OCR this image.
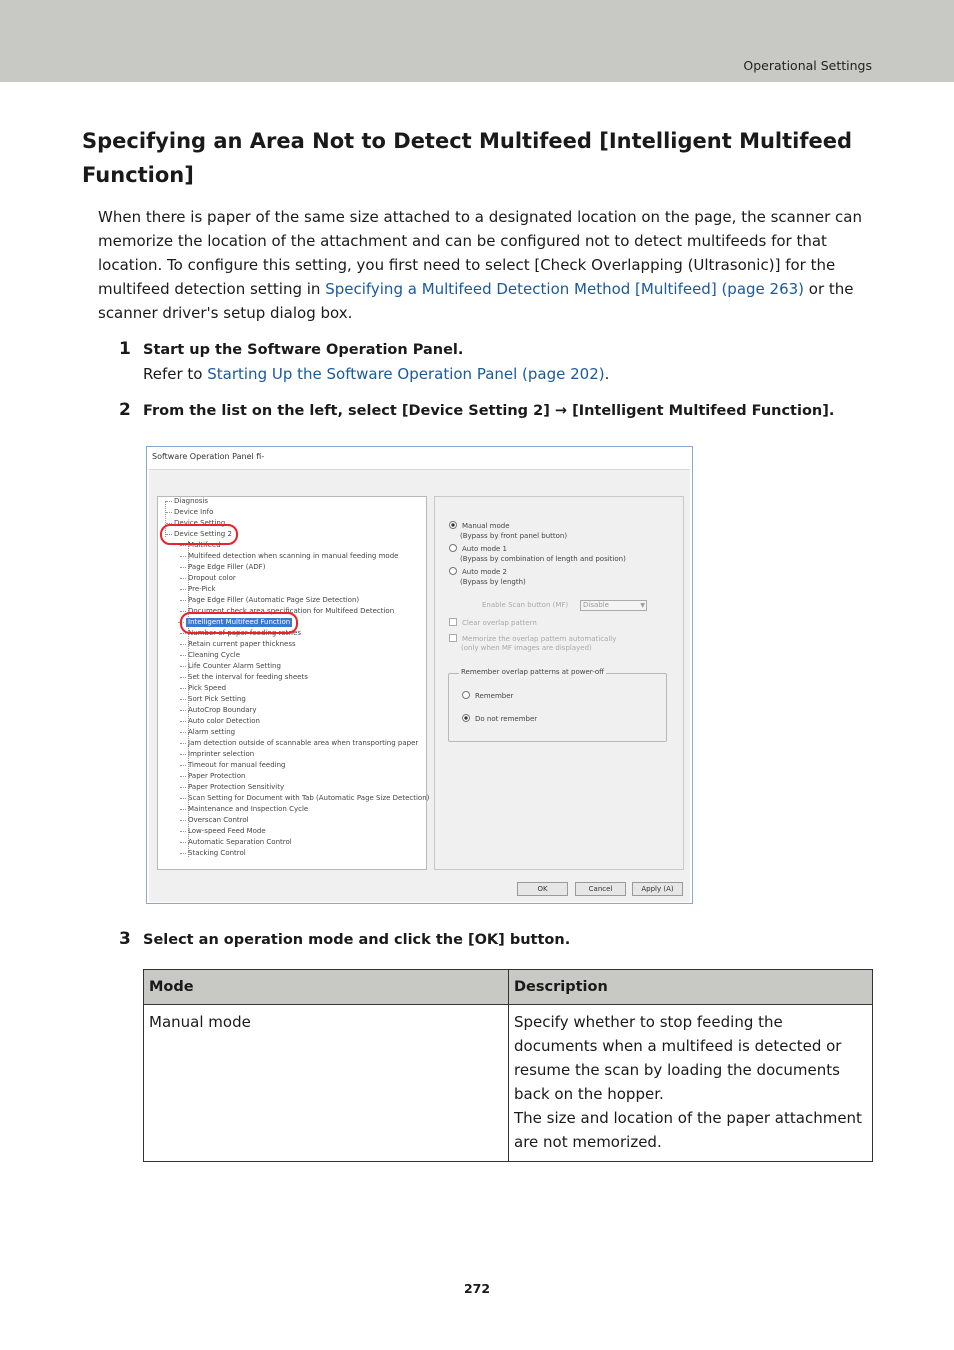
Operational Settings
Specifying an Area Not to Detect Multifeed [Intelligent Multifeed Function]
When there is paper of the same size attached to a designated location on the page, the scanner can memorize the location of the attachment and can be configured not to detect multifeeds for that location. To configure this setting, you first need to select [Check Overlapping (Ultrasonic)] for the multifeed detection setting in Specifying a Multifeed Detection Method [Multifeed] (page 263) or the scanner driver's setup dialog box.
1 Start up the Software Operation Panel.
Refer to Starting Up the Software Operation Panel (page 202).
2 From the list on the left, select [Device Setting 2] → [Intelligent Multifeed Function].
Software Operation Panel fi-
Diagnosis
Device Info
Device Setting
Device Setting 2
Multifeed
Multifeed detection when scanning in manual feeding mode
Page Edge Filler (ADF)
Dropout color
Pre-Pick
Page Edge Filler (Automatic Page Size Detection)
Document check area specification for Multifeed Detection
Intelligent Multifeed Function
Number of paper feeding retries
Retain current paper thickness
Cleaning Cycle
Life Counter Alarm Setting
Set the interval for feeding sheets
Pick Speed
Sort Pick Setting
AutoCrop Boundary
Auto color Detection
Alarm setting
Jam detection outside of scannable area when transporting paper
Imprinter selection
Timeout for manual feeding
Paper Protection
Paper Protection Sensitivity
Scan Setting for Document with Tab (Automatic Page Size Detection)
Maintenance and Inspection Cycle
Overscan Control
Low-speed Feed Mode
Automatic Separation Control
Stacking Control
Manual mode
(Bypass by front panel button)
Auto mode 1
(Bypass by combination of length and position)
Auto mode 2
(Bypass by length)
Enable Scan button (MF)	Disable	▼
Clear overlap pattern
Memorize the overlap pattern automatically
(only when MF images are displayed)
Remember overlap patterns at power-off
Remember
Do not remember
OK	Cancel	Apply (A)
3 Select an operation mode and click the [OK] button.
Mode	Description
Manual mode	Specify whether to stop feeding the documents when a multifeed is detected or resume the scan by loading the documents back on the hopper.
The size and location of the paper attachment are not memorized.
272
